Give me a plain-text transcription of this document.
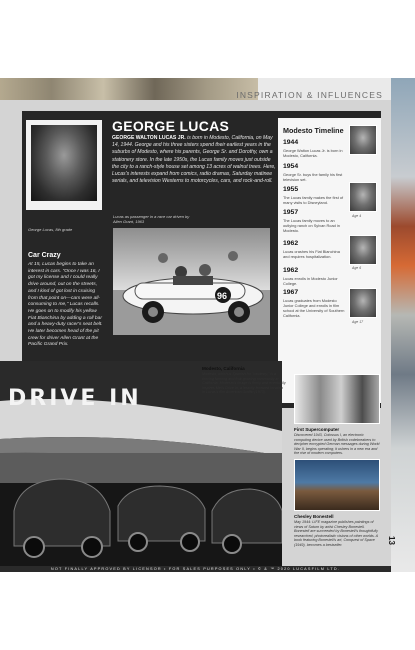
INSPIRATION & INFLUENCES
George Lucas, 8th grade
GEORGE LUCAS
GEORGE WALTON LUCAS JR. is born in Modesto, California, on May 14, 1944. George and his three sisters spend their earliest years in the suburbs of Modesto, where his parents, George Sr. and Dorothy, own a stationery store. In the late 1950s, the Lucas family moves just outside the city to a ranch-style house set among 13 acres of walnut trees. Here, Lucas's interests expand from comics, radio dramas, Saturday matinee serials, and television Westerns to motorcycles, cars, and rock-and-roll.
Lucas as passenger in a race car driven by Allen Grant, 1963
96
Car Crazy
At 15, Lucas begins to take an interest in cars. "Once I was 16, I got my license and I could really drive around, out on the streets, and I kind of got lost in cruising from that point on—cars were all-consuming to me," Lucas recalls. He goes on to modify his yellow Fiat Bianchina by adding a roll bar and a heavy-duty racer's seat belt. He later becomes head of the pit crew for driver Allen Grant at the Pacific Grand Prix.
Modesto Timeline
1944
George Walton Lucas Jr. is born in Modesto, California.
1954
George Sr. buys the family his first television set.
1955
The Lucas family makes the first of many visits to Disneyland.
1957
The Lucas family moves to an outlying ranch on Sylvan Road in Modesto.
1962
Lucas crashes his Fiat Bianchina and requires hospitalization.
1962
Lucas enrolls in Modesto Junior College.
1967
Lucas graduates from Modesto Junior College and enrolls in film school at the University of Southern California.
Age 4
Age 6
Age 17
DRIVE IN
Modesto, California
Modesto, which is Spanish for "modesty," is a thriving farming and fruit-growing community in California. Modesto's image is firmly and eventually inspires Mel's Drive In, a heavily featured location in Lucas's film American Graffiti (1973).
First Supercomputer
Discovered 1943, Colossus I, an electronic computing device used by British codebreakers to decipher encrypted German messages during World War II, begins operating; it ushers in a new era and the rise of modern computers.
Chesley Bonestell
May 1944: LIFE magazine publishes paintings of views of Saturn by artist Chesley Bonestell. Bonestell are succeeded by Bonestell's thoughtfully researched, photorealistic visions of other worlds. A book featuring Bonestell's art, Conquest of Space (1949), becomes a bestseller.
13
NOT FINALLY APPROVED BY LICENSOR • FOR SALES PURPOSES ONLY • © & ™ 2020 LUCASFILM LTD.
